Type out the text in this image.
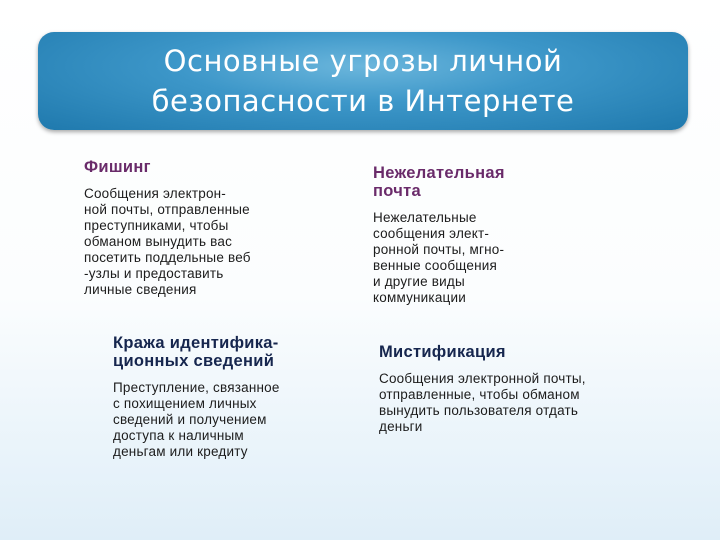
Основные угрозы личной
безопасности в Интернете
Фишинг
Сообщения электрон-
ной почты, отправленные
преступниками, чтобы
обманом вынудить вас
посетить поддельные веб
-узлы и предоставить
личные сведения
Нежелательная
почта
Нежелательные
сообщения элект-
ронной почты, мгно-
венные сообщения
и другие виды
коммуникации
Кража идентифика-
ционных сведений
Преступление, связанное
с похищением личных
сведений и получением
доступа к наличным
деньгам или кредиту
Мистификация
Сообщения электронной почты,
отправленные, чтобы обманом
вынудить пользователя отдать
деньги
